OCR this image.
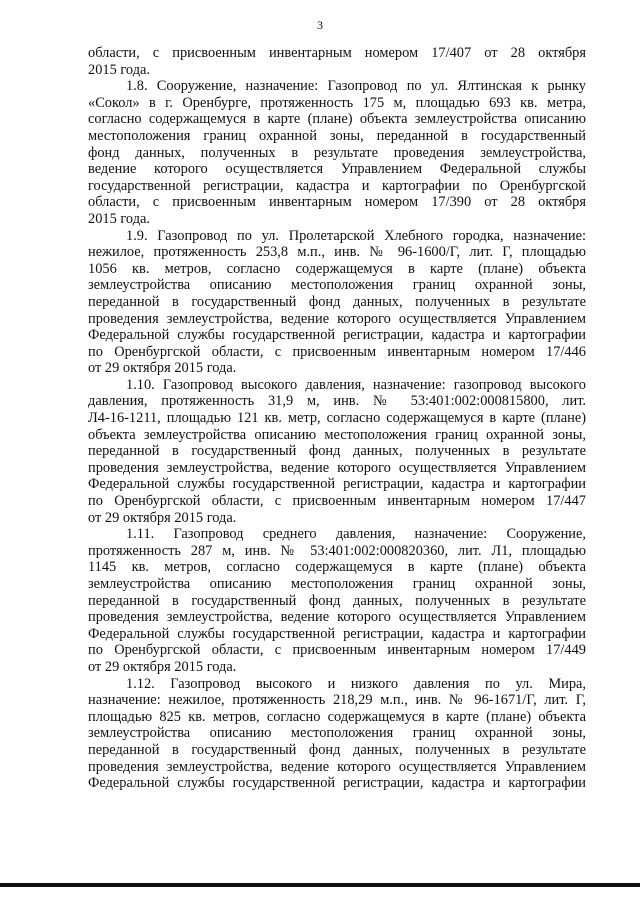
3
области, с присвоенным инвентарным номером 17/407 от 28 октября
2015 года.
1.8. Сооружение, назначение: Газопровод по ул. Ялтинская к рынку
«Сокол» в г. Оренбурге, протяженность 175 м, площадью 693 кв. метра,
согласно содержащемуся в карте (плане) объекта землеустройства описанию
местоположения границ охранной зоны, переданной в государственный
фонд данных, полученных в результате проведения землеустройства,
ведение которого осуществляется Управлением Федеральной службы
государственной регистрации, кадастра и картографии по Оренбургской
области, с присвоенным инвентарным номером 17/390 от 28 октября
2015 года.
1.9. Газопровод по ул. Пролетарской Хлебного городка, назначение:
нежилое, протяженность 253,8 м.п., инв. № 96-1600/Г, лит. Г, площадью
1056 кв. метров, согласно содержащемуся в карте (плане) объекта
землеустройства описанию местоположения границ охранной зоны,
переданной в государственный фонд данных, полученных в результате
проведения землеустройства, ведение которого осуществляется Управлением
Федеральной службы государственной регистрации, кадастра и картографии
по Оренбургской области, с присвоенным инвентарным номером 17/446
от 29 октября 2015 года.
1.10. Газопровод высокого давления, назначение: газопровод высокого
давления, протяженность 31,9 м, инв. № 53:401:002:000815800, лит.
Л4-16-1211, площадью 121 кв. метр, согласно содержащемуся в карте (плане)
объекта землеустройства описанию местоположения границ охранной зоны,
переданной в государственный фонд данных, полученных в результате
проведения землеустройства, ведение которого осуществляется Управлением
Федеральной службы государственной регистрации, кадастра и картографии
по Оренбургской области, с присвоенным инвентарным номером 17/447
от 29 октября 2015 года.
1.11. Газопровод среднего давления, назначение: Сооружение,
протяженность 287 м, инв. № 53:401:002:000820360, лит. Л1, площадью
1145 кв. метров, согласно содержащемуся в карте (плане) объекта
землеустройства описанию местоположения границ охранной зоны,
переданной в государственный фонд данных, полученных в результате
проведения землеустройства, ведение которого осуществляется Управлением
Федеральной службы государственной регистрации, кадастра и картографии
по Оренбургской области, с присвоенным инвентарным номером 17/449
от 29 октября 2015 года.
1.12. Газопровод высокого и низкого давления по ул. Мира,
назначение: нежилое, протяженность 218,29 м.п., инв. № 96-1671/Г, лит. Г,
площадью 825 кв. метров, согласно содержащемуся в карте (плане) объекта
землеустройства описанию местоположения границ охранной зоны,
переданной в государственный фонд данных, полученных в результате
проведения землеустройства, ведение которого осуществляется Управлением
Федеральной службы государственной регистрации, кадастра и картографии
